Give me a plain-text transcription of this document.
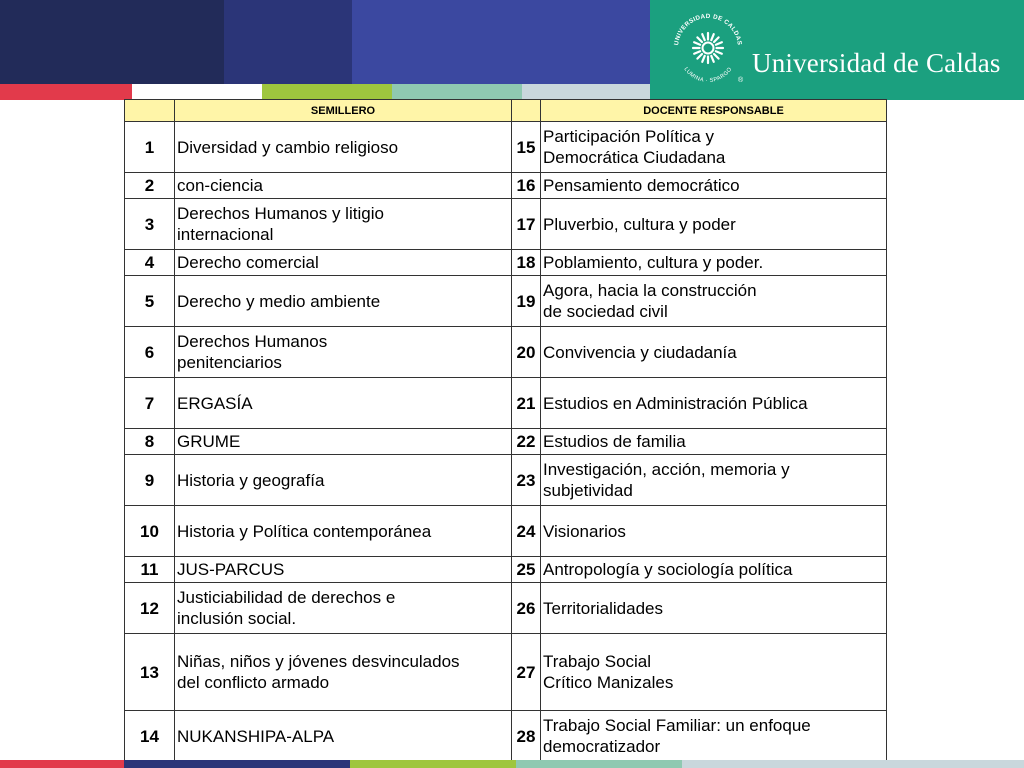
UNIVERSIDAD DE CALDAS
LUMINA · SPARGO
®
Universidad de Caldas
	SEMILLERO		DOCENTE RESPONSABLE
1	Diversidad y cambio religioso	15	Participación Política y
Democrática Ciudadana
2	con-ciencia	16	Pensamiento democrático
3	Derechos Humanos y litigio
internacional	17	Pluverbio, cultura y poder
4	Derecho comercial	18	Poblamiento, cultura y poder.
5	Derecho y medio ambiente	19	Agora, hacia la construcción
de sociedad civil
6	Derechos Humanos
penitenciarios	20	Convivencia y ciudadanía
7	ERGASÍA	21	Estudios en Administración Pública
8	GRUME	22	Estudios de familia
9	Historia y geografía	23	Investigación, acción, memoria y
subjetividad
10	Historia y Política contemporánea	24	Visionarios
11	JUS-PARCUS	25	Antropología y sociología política
12	Justiciabilidad de derechos e
inclusión social.	26	Territorialidades
13	Niñas, niños y jóvenes desvinculados
del conflicto armado	27	Trabajo Social
Crítico Manizales
14	NUKANSHIPA-ALPA	28	Trabajo Social Familiar: un enfoque
democratizador
